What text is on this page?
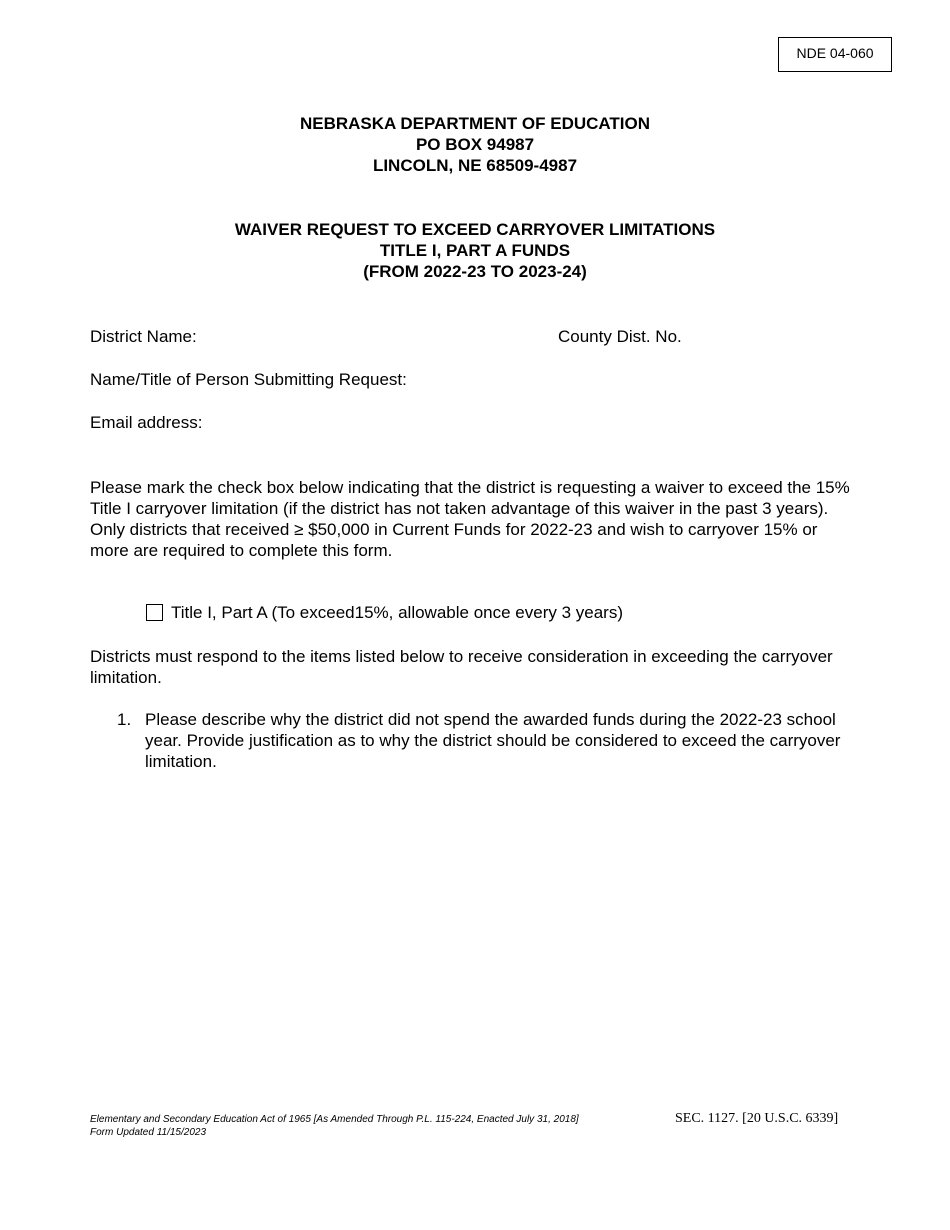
NDE 04-060
NEBRASKA DEPARTMENT OF EDUCATION
PO BOX 94987
LINCOLN, NE 68509-4987
WAIVER REQUEST TO EXCEED CARRYOVER LIMITATIONS
TITLE I, PART A FUNDS
(FROM 2022-23 TO 2023-24)
District Name:	County Dist. No.
Name/Title of Person Submitting Request:
Email address:
Please mark the check box below indicating that the district is requesting a waiver to exceed the 15% Title I carryover limitation (if the district has not taken advantage of this waiver in the past 3 years). Only districts that received ≥ $50,000 in Current Funds for 2022-23 and wish to carryover 15% or more are required to complete this form.
Title I, Part A (To exceed15%, allowable once every 3 years)
Districts must respond to the items listed below to receive consideration in exceeding the carryover limitation.
1. Please describe why the district did not spend the awarded funds during the 2022-23 school year. Provide justification as to why the district should be considered to exceed the carryover limitation.
Elementary and Secondary Education Act of 1965 [As Amended Through P.L. 115-224, Enacted July 31, 2018]
Form Updated 11/15/2023
SEC. 1127. [20 U.S.C. 6339]
